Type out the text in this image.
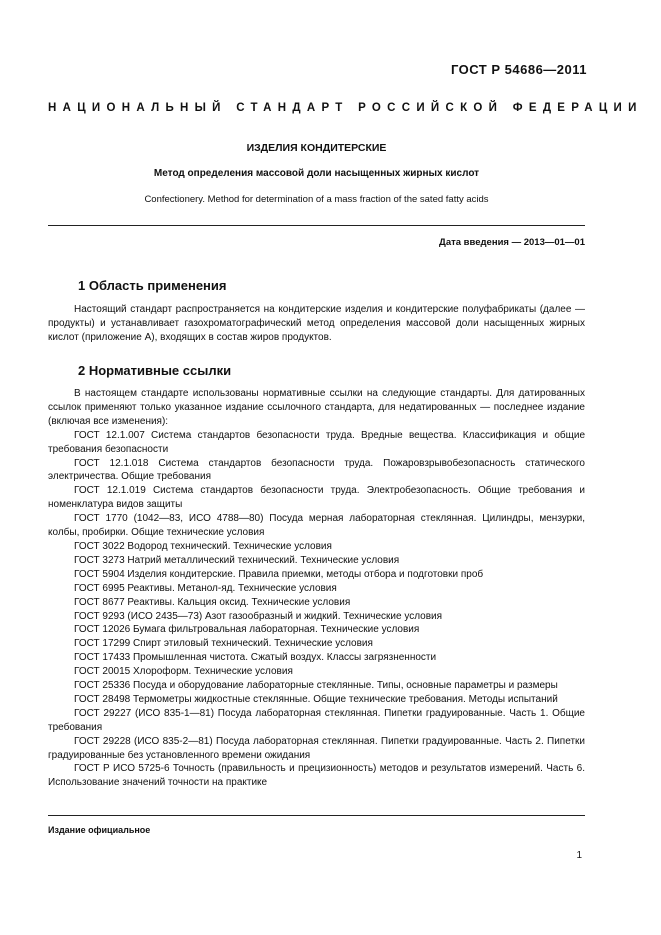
ГОСТ Р 54686—2011
НАЦИОНАЛЬНЫЙ СТАНДАРТ РОССИЙСКОЙ ФЕДЕРАЦИИ
ИЗДЕЛИЯ КОНДИТЕРСКИЕ
Метод определения массовой доли насыщенных жирных кислот
Confectionery. Method for determination of a mass fraction of the sated fatty acids
Дата введения — 2013—01—01
1 Область применения

Настоящий стандарт распространяется на кондитерские изделия и кондитерские полуфабрикаты (далее — продукты) и устанавливает газохроматографический метод определения массовой доли насыщенных жирных кислот (приложение А), входящих в состав жиров продуктов.

2 Нормативные ссылки

В настоящем стандарте использованы нормативные ссылки на следующие стандарты. Для датированных ссылок применяют только указанное издание ссылочного стандарта, для недатированных — последнее издание (включая все изменения):

ГОСТ 12.1.007 Система стандартов безопасности труда. Вредные вещества. Классификация и общие требования безопасности

ГОСТ 12.1.018 Система стандартов безопасности труда. Пожаровзрывобезопасность статического электричества. Общие требования

ГОСТ 12.1.019 Система стандартов безопасности труда. Электробезопасность. Общие требования и номенклатура видов защиты

ГОСТ 1770 (1042—83, ИСО 4788—80) Посуда мерная лабораторная стеклянная. Цилиндры, мензурки, колбы, пробирки. Общие технические условия

ГОСТ 3022 Водород технический. Технические условия

ГОСТ 3273 Натрий металлический технический. Технические условия

ГОСТ 5904 Изделия кондитерские. Правила приемки, методы отбора и подготовки проб

ГОСТ 6995 Реактивы. Метанол-яд. Технические условия

ГОСТ 8677 Реактивы. Кальция оксид. Технические условия

ГОСТ 9293 (ИСО 2435—73) Азот газообразный и жидкий. Технические условия

ГОСТ 12026 Бумага фильтровальная лабораторная. Технические условия

ГОСТ 17299 Спирт этиловый технический. Технические условия

ГОСТ 17433 Промышленная чистота. Сжатый воздух. Классы загрязненности

ГОСТ 20015 Хлороформ. Технические условия

ГОСТ 25336 Посуда и оборудование лабораторные стеклянные. Типы, основные параметры и размеры

ГОСТ 28498 Термометры жидкостные стеклянные. Общие технические требования. Методы испытаний

ГОСТ 29227 (ИСО 835-1—81) Посуда лабораторная стеклянная. Пипетки градуированные. Часть 1. Общие требования

ГОСТ 29228 (ИСО 835-2—81) Посуда лабораторная стеклянная. Пипетки градуированные. Часть 2. Пипетки градуированные без установленного времени ожидания

ГОСТ Р ИСО 5725-6 Точность (правильность и прецизионность) методов и результатов измерений. Часть 6. Использование значений точности на практике

Издание официальное
1
